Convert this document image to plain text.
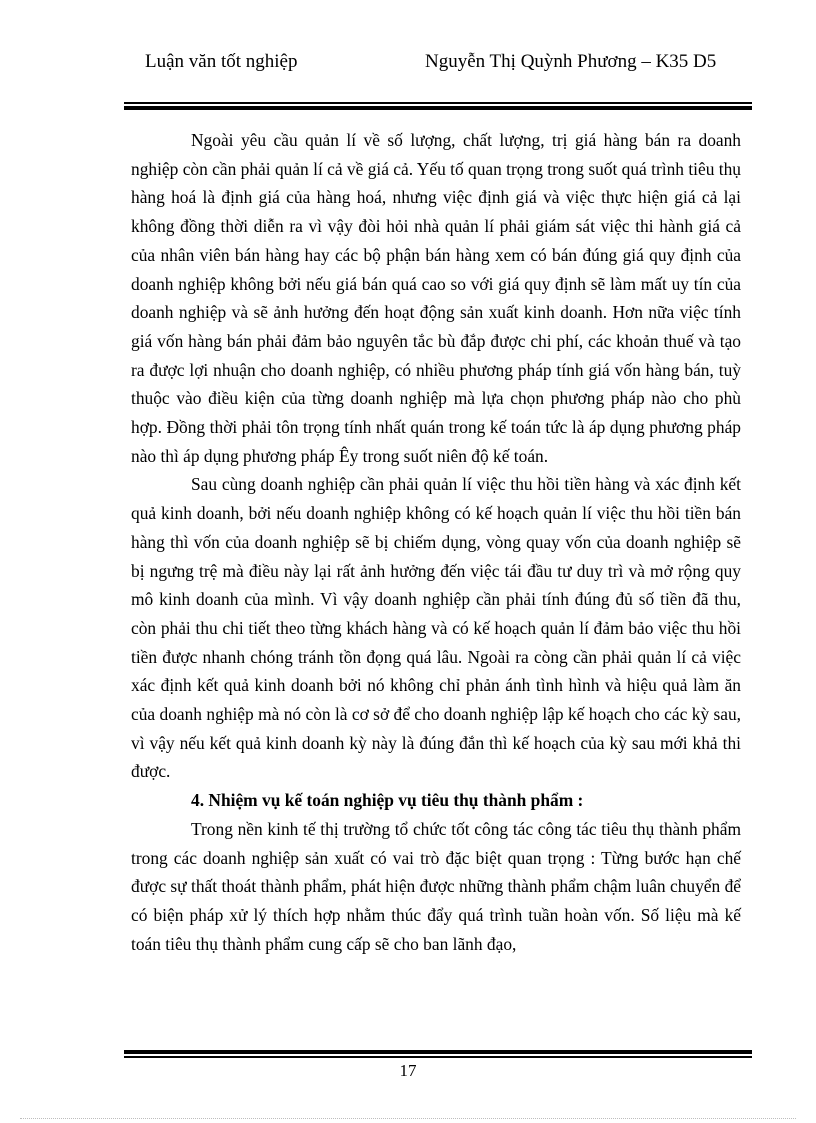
Luận văn tốt nghiệp	Nguyễn Thị Quỳnh Phương – K35 D5

Ngoài yêu cầu quản lí về số lượng, chất lượng, trị giá hàng bán ra doanh nghiệp còn cần phải quản lí cả về giá cả. Yếu tố quan trọng trong suốt quá trình tiêu thụ hàng hoá là định giá của hàng hoá, nhưng việc định giá và việc thực hiện giá cả lại không đồng thời diễn ra vì vậy đòi hỏi nhà quản lí phải giám sát việc thi hành giá cả của nhân viên bán hàng hay các bộ phận bán hàng xem có bán đúng giá quy định của doanh nghiệp không bởi nếu giá bán quá cao so với giá quy định sẽ làm mất uy tín của doanh nghiệp và sẽ ảnh hưởng đến hoạt động sản xuất kinh doanh. Hơn nữa việc tính giá vốn hàng bán phải đảm bảo nguyên tắc bù đắp được chi phí, các khoản thuế và tạo ra được lợi nhuận cho doanh nghiệp, có nhiều phương pháp tính giá vốn hàng bán, tuỳ thuộc vào điều kiện của từng doanh nghiệp mà lựa chọn phương pháp nào cho phù hợp. Đồng thời phải tôn trọng tính nhất quán trong kế toán tức là áp dụng phương pháp nào thì áp dụng phương pháp Êy trong suốt niên độ kế toán.

Sau cùng doanh nghiệp cần phải quản lí việc thu hồi tiền hàng và xác định kết quả kinh doanh, bởi nếu doanh nghiệp không có kế hoạch quản lí việc thu hồi tiền bán hàng thì vốn của doanh nghiệp sẽ bị chiếm dụng, vòng quay vốn của doanh nghiệp sẽ bị ngưng trệ mà điều này lại rất ảnh hưởng đến việc tái đầu tư duy trì và mở rộng quy mô kinh doanh của mình. Vì vậy doanh nghiệp cần phải tính đúng đủ số tiền đã thu, còn phải thu chi tiết theo từng khách hàng và có kế hoạch quản lí đảm bảo việc thu hồi tiền được nhanh chóng tránh tồn đọng quá lâu. Ngoài ra còng cần phải quản lí cả việc xác định kết quả kinh doanh bởi nó không chỉ phản ánh tình hình và hiệu quả làm ăn của doanh nghiệp mà nó còn là cơ sở để cho doanh nghiệp lập kế hoạch cho các kỳ sau, vì vậy nếu kết quả kinh doanh kỳ này là đúng đắn thì kế hoạch của kỳ sau mới khả thi được.

4. Nhiệm vụ kế toán nghiệp vụ tiêu thụ thành phẩm :

Trong nền kinh tế thị trường tổ chức tốt công tác công tác tiêu thụ thành phẩm trong các doanh nghiệp sản xuất có vai trò đặc biệt quan trọng : Từng bước hạn chế được sự thất thoát thành phẩm, phát hiện được những thành phẩm chậm luân chuyển để có biện pháp xử lý thích hợp nhằm thúc đẩy quá trình tuần hoàn vốn. Số liệu mà kế toán tiêu thụ thành phẩm cung cấp sẽ cho ban lãnh đạo,

17
